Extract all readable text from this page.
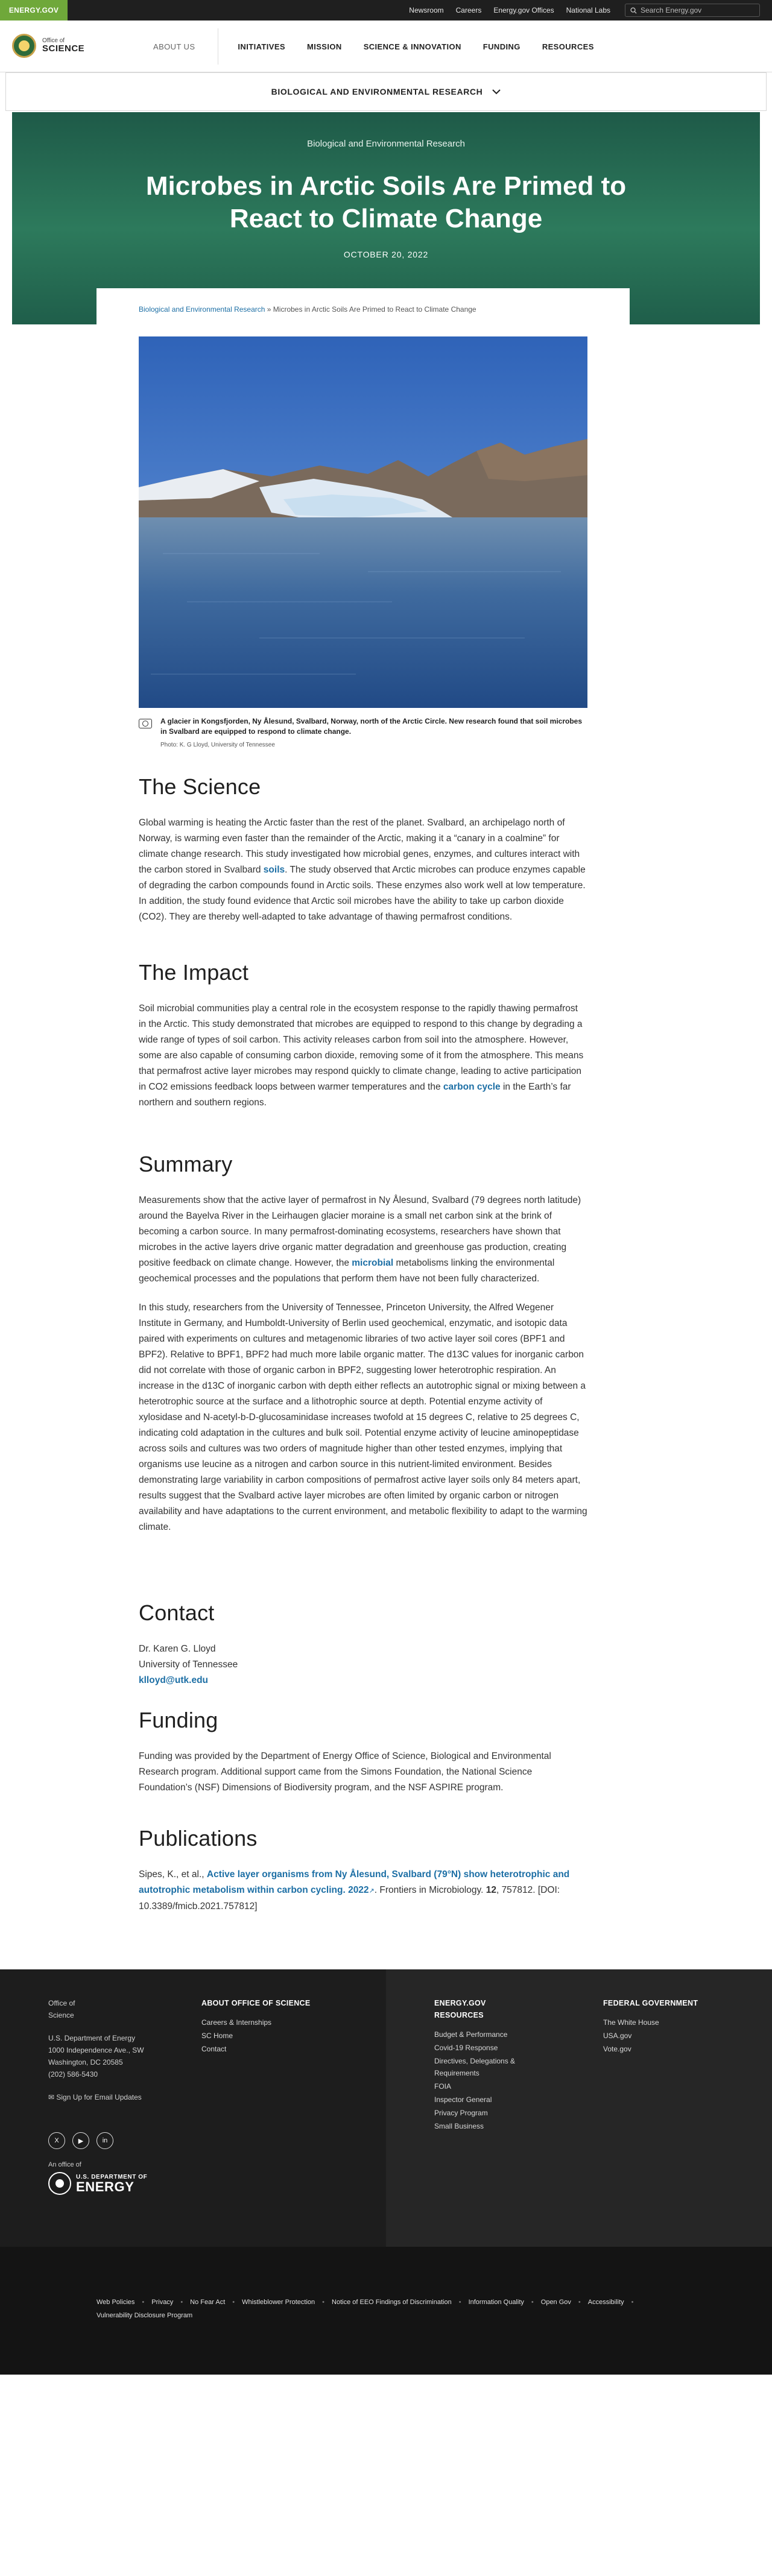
ENERGY.GOV	Newsroom Careers Energy.gov Offices National Labs	Search Energy.gov
Office of
SCIENCE	ABOUT US	INITIATIVES	MISSION	SCIENCE & INNOVATION	FUNDING	RESOURCES
BIOLOGICAL AND ENVIRONMENTAL RESEARCH
Biological and Environmental Research
Microbes in Arctic Soils Are Primed to React to Climate Change
OCTOBER 20, 2022
Biological and Environmental Research » Microbes in Arctic Soils Are Primed to React to Climate Change
A glacier in Kongsfjorden, Ny Ålesund, Svalbard, Norway, north of the Arctic Circle. New research found that soil microbes in Svalbard are equipped to respond to climate change.
Photo: K. G Lloyd, University of Tennessee
The Science

Global warming is heating the Arctic faster than the rest of the planet. Svalbard, an archipelago north of Norway, is warming even faster than the remainder of the Arctic, making it a “canary in a coalmine” for climate change research. This study investigated how microbial genes, enzymes, and cultures interact with the carbon stored in Svalbard soils. The study observed that Arctic microbes can produce enzymes capable of degrading the carbon compounds found in Arctic soils. These enzymes also work well at low temperature. In addition, the study found evidence that Arctic soil microbes have the ability to take up carbon dioxide (CO2). They are thereby well-adapted to take advantage of thawing permafrost conditions.

The Impact

Soil microbial communities play a central role in the ecosystem response to the rapidly thawing permafrost in the Arctic. This study demonstrated that microbes are equipped to respond to this change by degrading a wide range of types of soil carbon. This activity releases carbon from soil into the atmosphere. However, some are also capable of consuming carbon dioxide, removing some of it from the atmosphere. This means that permafrost active layer microbes may respond quickly to climate change, leading to active participation in CO2 emissions feedback loops between warmer temperatures and the carbon cycle in the Earth’s far northern and southern regions.

Summary

Measurements show that the active layer of permafrost in Ny Ålesund, Svalbard (79 degrees north latitude) around the Bayelva River in the Leirhaugen glacier moraine is a small net carbon sink at the brink of becoming a carbon source. In many permafrost-dominating ecosystems, researchers have shown that microbes in the active layers drive organic matter degradation and greenhouse gas production, creating positive feedback on climate change. However, the microbial metabolisms linking the environmental geochemical processes and the populations that perform them have not been fully characterized.

In this study, researchers from the University of Tennessee, Princeton University, the Alfred Wegener Institute in Germany, and Humboldt-University of Berlin used geochemical, enzymatic, and isotopic data paired with experiments on cultures and metagenomic libraries of two active layer soil cores (BPF1 and BPF2). Relative to BPF1, BPF2 had much more labile organic matter. The d13C values for inorganic carbon did not correlate with those of organic carbon in BPF2, suggesting lower heterotrophic respiration. An increase in the d13C of inorganic carbon with depth either reflects an autotrophic signal or mixing between a heterotrophic source at the surface and a lithotrophic source at depth. Potential enzyme activity of xylosidase and N-acetyl-b-D-glucosaminidase increases twofold at 15 degrees C, relative to 25 degrees C, indicating cold adaptation in the cultures and bulk soil. Potential enzyme activity of leucine aminopeptidase across soils and cultures was two orders of magnitude higher than other tested enzymes, implying that organisms use leucine as a nitrogen and carbon source in this nutrient-limited environment. Besides demonstrating large variability in carbon compositions of permafrost active layer soils only 84 meters apart, results suggest that the Svalbard active layer microbes are often limited by organic carbon or nitrogen availability and have adaptations to the current environment, and metabolic flexibility to adapt to the warming climate.

Contact
Dr. Karen G. Lloyd
University of Tennessee
klloyd@utk.edu
Funding

Funding was provided by the Department of Energy Office of Science, Biological and Environmental Research program. Additional support came from the Simons Foundation, the National Science Foundation’s (NSF) Dimensions of Biodiversity program, and the NSF ASPIRE program.

Publications

Sipes, K., et al., Active layer organisms from Ny Ålesund, Svalbard (79°N) show heterotrophic and autotrophic metabolism within carbon cycling. 2022↗. Frontiers in Microbiology. 12, 757812. [DOI: 10.3389/fmicb.2021.757812]

Office of
Science
U.S. Department of Energy
1000 Independence Ave., SW
Washington, DC 20585
(202) 586-5430
✉ Sign Up for Email Updates
X	▶	in
An office of
U.S. DEPARTMENT OF
ENERGY
ABOUT OFFICE OF SCIENCE
Careers & Internships
SC Home
Contact
ENERGY.GOV RESOURCES
Budget & Performance
Covid-19 Response
Directives, Delegations & Requirements
FOIA
Inspector General
Privacy Program
Small Business
FEDERAL GOVERNMENT
The White House
USA.gov
Vote.gov
Web Policies • Privacy • No Fear Act • Whistleblower Protection • Notice of EEO Findings of Discrimination • Information Quality • Open Gov • Accessibility •
Vulnerability Disclosure Program
